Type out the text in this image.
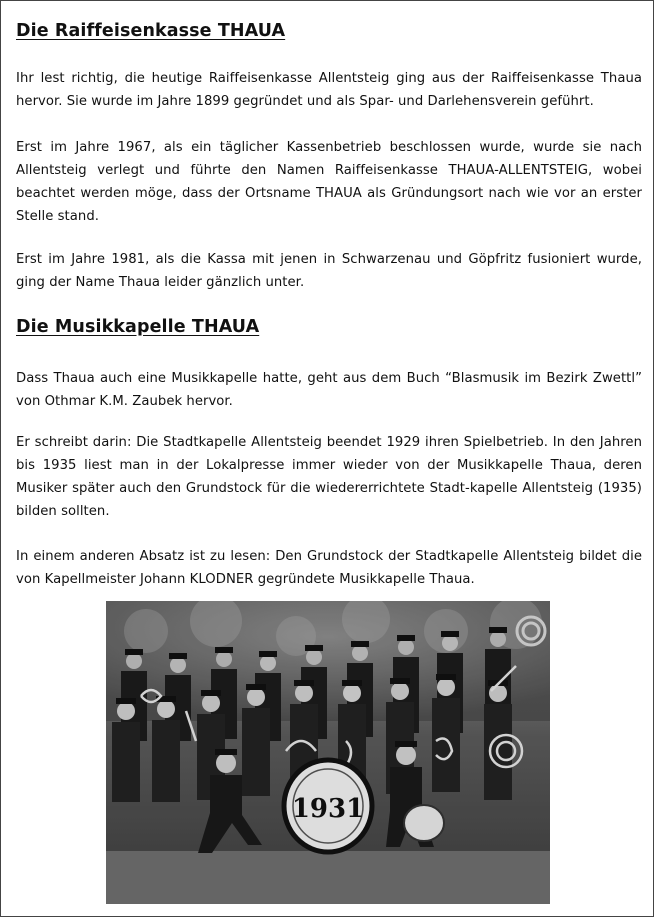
Die Raiffeisenkasse THAUA

Ihr lest richtig, die heutige Raiffeisenkasse Allentsteig ging aus der Raiffeisenkasse Thaua hervor. Sie wurde im Jahre 1899 gegründet und als Spar- und Darlehensverein geführt.

Erst im Jahre 1967, als ein täglicher Kassenbetrieb beschlossen wurde, wurde sie nach Allentsteig verlegt und führte den Namen Raiffeisenkasse THAUA-ALLENTSTEIG, wobei beachtet werden möge, dass der Ortsname THAUA als Gründungsort nach wie vor an erster Stelle stand.

Erst im Jahre 1981, als die Kassa mit jenen in Schwarzenau und Göpfritz fusioniert wurde, ging der Name Thaua leider gänzlich unter.

Die Musikkapelle THAUA

Dass Thaua auch eine Musikkapelle hatte, geht aus dem Buch “Blasmusik im Bezirk Zwettl” von Othmar K.M. Zaubek hervor.

Er schreibt darin: Die Stadtkapelle Allentsteig beendet 1929 ihren Spielbetrieb. In den Jahren bis 1935 liest man in der Lokalpresse immer wieder von der Musikkapelle Thaua, deren Musiker später auch den Grundstock für die wiedererrichtete Stadt-kapelle Allentsteig (1935) bilden sollten.

In einem anderen Absatz ist zu lesen: Den Grundstock der Stadtkapelle Allentsteig bildet die von Kapellmeister Johann KLODNER gegründete Musikkapelle Thaua.

1931
